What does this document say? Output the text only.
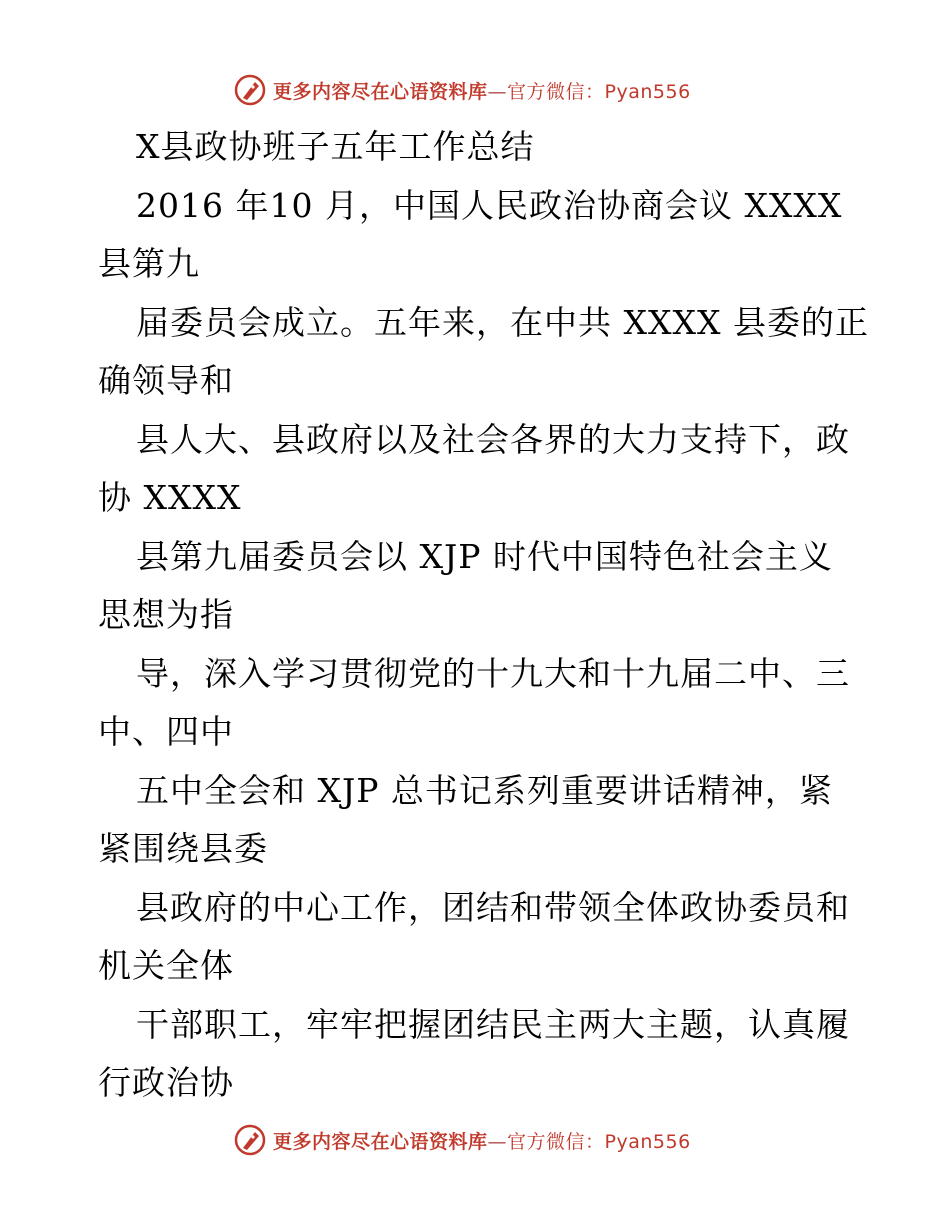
更多内容尽在心语资料库—官方微信：Pyan556
X县政协班子五年工作总结
2016 年10 月，中国人民政治协商会议 XXXX
县第九
届委员会成立。五年来，在中共 XXXX 县委的正
确领导和
县人大、县政府以及社会各界的大力支持下，政
协 XXXX
县第九届委员会以 XJP 时代中国特色社会主义
思想为指
导，深入学习贯彻党的十九大和十九届二中、三
中、四中
五中全会和 XJP 总书记系列重要讲话精神，紧
紧围绕县委
县政府的中心工作，团结和带领全体政协委员和
机关全体
干部职工，牢牢把握团结民主两大主题，认真履
行政治协
更多内容尽在心语资料库—官方微信：Pyan556
